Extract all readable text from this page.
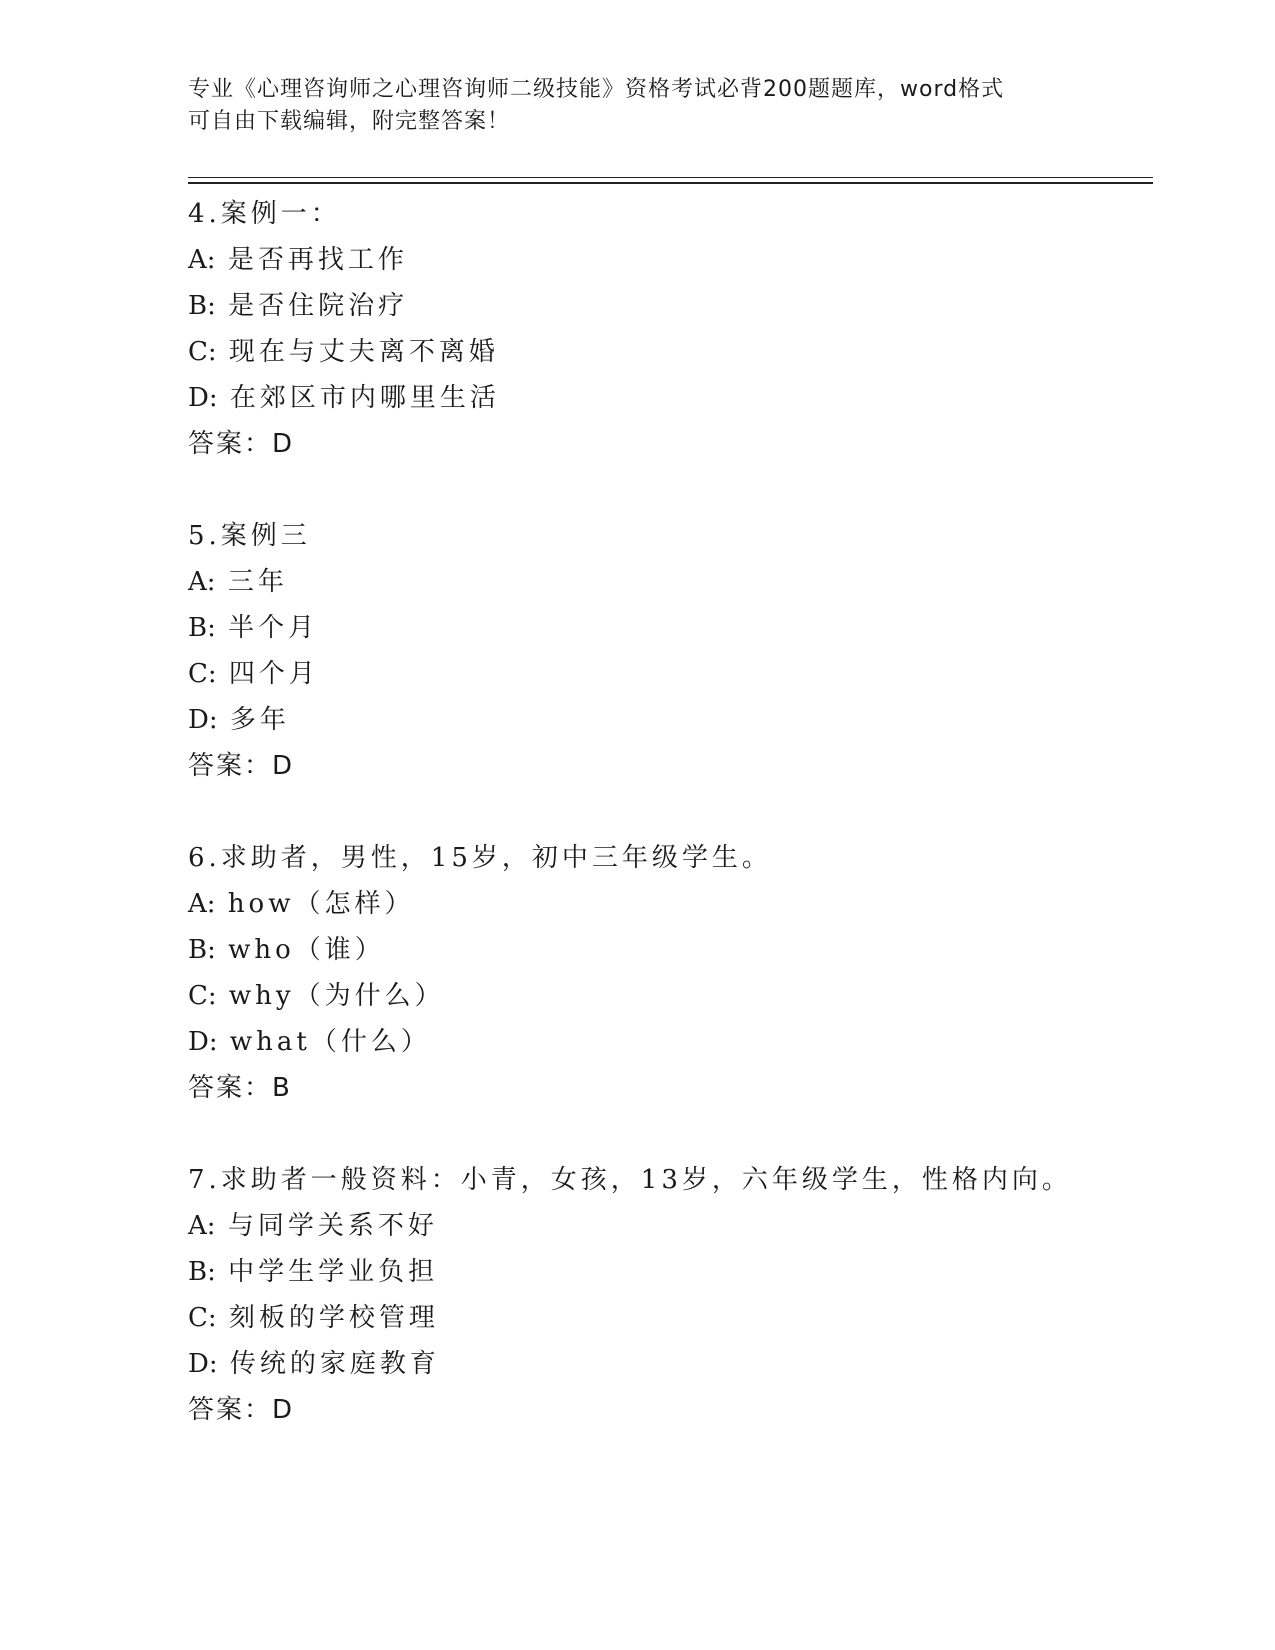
专业《心理咨询师之心理咨询师二级技能》资格考试必背200题题库，word格式
可自由下载编辑，附完整答案！
4.案例一：
A: 是否再找工作
B: 是否住院治疗
C: 现在与丈夫离不离婚
D: 在郊区市内哪里生活
答案：D
5.案例三
A: 三年
B: 半个月
C: 四个月
D: 多年
答案：D
6.求助者，男性，15岁，初中三年级学生。
A: how（怎样）
B: who（谁）
C: why（为什么）
D: what（什么）
答案：B
7.求助者一般资料：小青，女孩，13岁，六年级学生，性格内向。
A: 与同学关系不好
B: 中学生学业负担
C: 刻板的学校管理
D: 传统的家庭教育
答案：D
